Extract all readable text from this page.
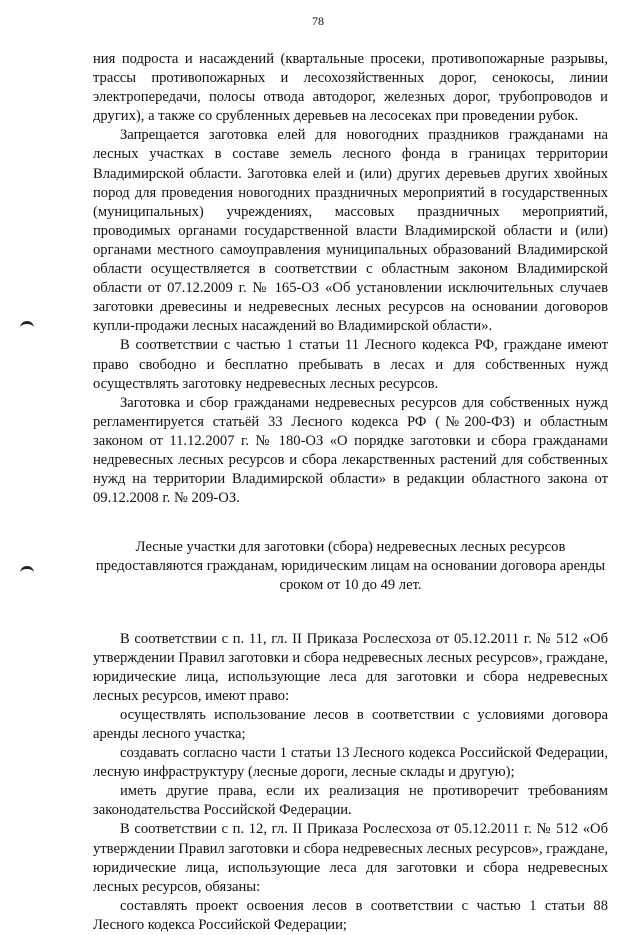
78

ния подроста и насаждений (квартальные просеки, противопожарные разрывы, трассы противопожарных и лесохозяйственных дорог, сенокосы, линии электропередачи, полосы отвода автодорог, железных дорог, трубопроводов и других), а также со срубленных деревьев на лесосеках при проведении рубок.

Запрещается заготовка елей для новогодних праздников гражданами на лесных участках в составе земель лесного фонда в границах территории Владимирской области. Заготовка елей и (или) других деревьев других хвойных пород для проведения новогодних праздничных мероприятий в государственных (муниципальных) учреждениях, массовых праздничных мероприятий, проводимых органами государственной власти Владимирской области и (или) органами местного самоуправления муниципальных образований Владимирской области осуществляется в соответствии с областным законом Владимирской области от 07.12.2009 г. № 165-ОЗ «Об установлении исключительных случаев заготовки древесины и недревесных лесных ресурсов на основании договоров купли-продажи лесных насаждений во Владимирской области».

В соответствии с частью 1 статьи 11 Лесного кодекса РФ, граждане имеют право свободно и бесплатно пребывать в лесах и для собственных нужд осуществлять заготовку недревесных лесных ресурсов.

Заготовка и сбор гражданами недревесных ресурсов для собственных нужд регламентируется статьёй 33 Лесного кодекса РФ (№200-ФЗ) и областным законом от 11.12.2007 г. № 180-ОЗ «О порядке заготовки и сбора гражданами недревесных лесных ресурсов и сбора лекарственных растений для собственных нужд на территории Владимирской области» в редакции областного закона от 09.12.2008 г. № 209-ОЗ.

Лесные участки для заготовки (сбора) недревесных лесных ресурсов предоставляются гражданам, юридическим лицам на основании договора аренды сроком от 10 до 49 лет.

В соответствии с п. 11, гл. II Приказа Рослесхоза от 05.12.2011 г. № 512 «Об утверждении Правил заготовки и сбора недревесных лесных ресурсов», граждане, юридические лица, использующие леса для заготовки и сбора недревесных лесных ресурсов, имеют право:

осуществлять использование лесов в соответствии с условиями договора аренды лесного участка;

создавать согласно части 1 статьи 13 Лесного кодекса Российской Федерации, лесную инфраструктуру (лесные дороги, лесные склады и другую);

иметь другие права, если их реализация не противоречит требованиям законодательства Российской Федерации.

В соответствии с п. 12, гл. II Приказа Рослесхоза от 05.12.2011 г. № 512 «Об утверждении Правил заготовки и сбора недревесных лесных ресурсов», граждане, юридические лица, использующие леса для заготовки и сбора недревесных лесных ресурсов, обязаны:

составлять проект освоения лесов в соответствии с частью 1 статьи 88 Лесного кодекса Российской Федерации;
